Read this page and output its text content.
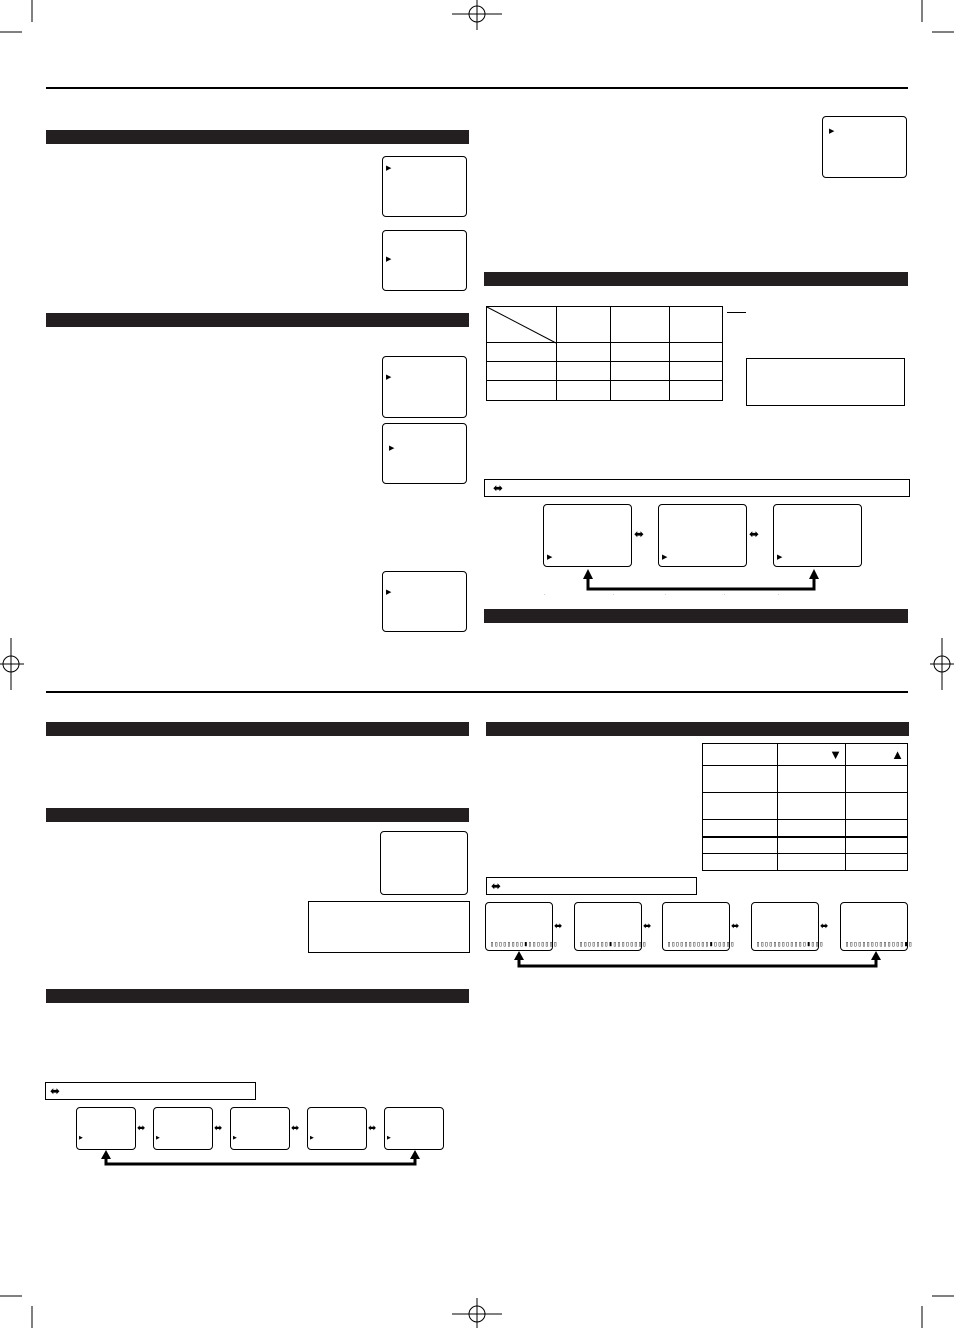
▶
▶
▶
▶
▶
▶

⬌
▶
⬌
▶
⬌
▶
·	·	·	·	·
⬌
▶
⬌
▶
⬌
▶
⬌
▶
⬌
▶
	▼	▲

⬌
▯▯▯▯▯▯▯▯▮▯▯▯▯▯▯▯
⬌
▯▯▯▯▯▯▯▮▯▯▯▯▯▯▯▯
⬌
▯▯▯▯▯▯▯▯▯▯▮▯▯▯▯▯
⬌
▯▯▯▯▯▯▯▯▯▯▯▯▮▯▯▯
⬌
▯▯▯▯▯▯▯▯▯▯▯▯▯▯▮▯
